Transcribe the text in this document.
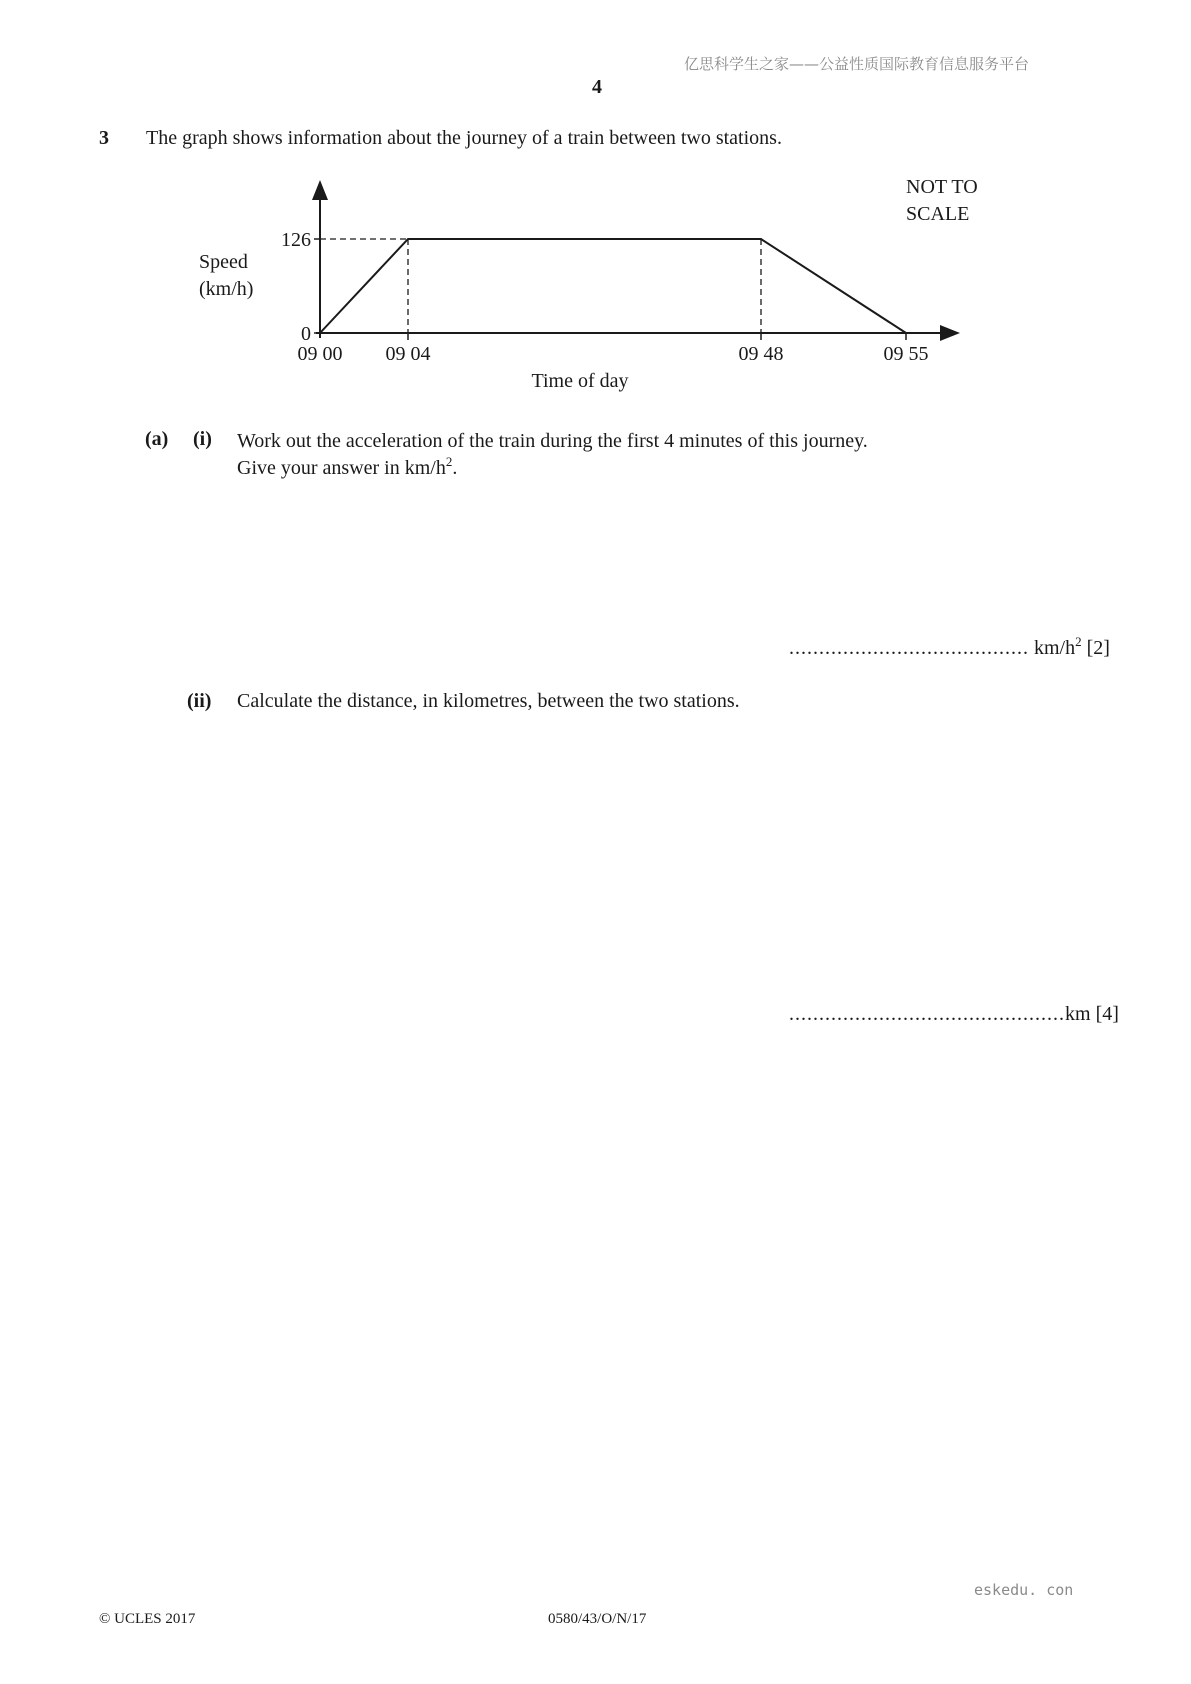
亿思科学生之家——公益性质国际教育信息服务平台
4
3 The graph shows information about the journey of a train between two stations.
126
0
09 00 09 04	09 48	09 55
Time of day
Speed
(km/h)
NOT TO
SCALE
(a) (i) Work out the acceleration of the train during the first 4 minutes of this journey.
Give your answer in $km/h^2$.
........................................ $km/h^2$ [2]
(ii) Calculate the distance, in kilometres, between the two stations.
..............................................km [4]
eskedu. con
© UCLES 2017	0580/43/O/N/17
